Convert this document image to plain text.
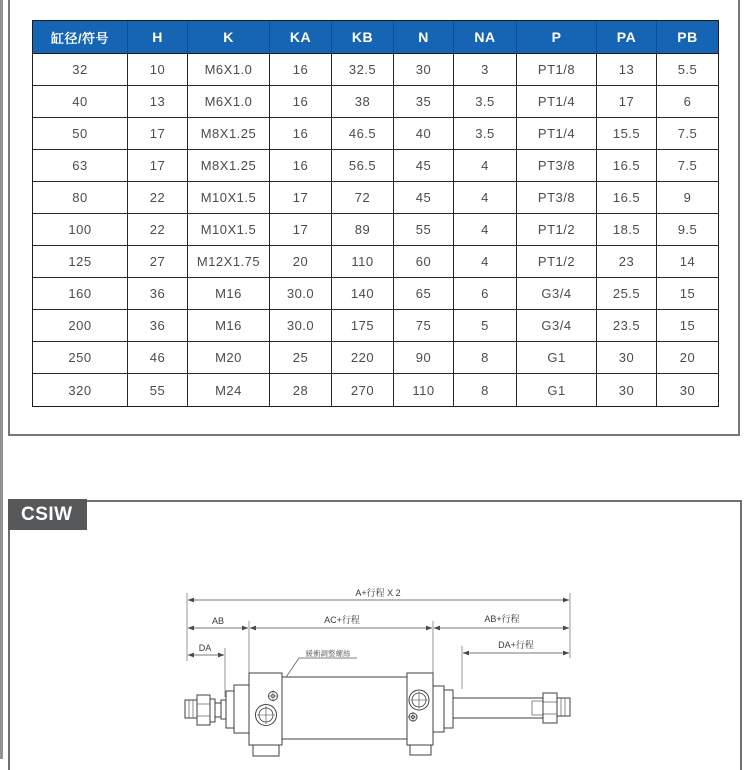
缸径/符号	H	K	KA	KB	N	NA	P	PA	PB
32	10	M6X1.0	16	32.5	30	3	PT1/8	13	5.5
40	13	M6X1.0	16	38	35	3.5	PT1/4	17	6
50	17	M8X1.25	16	46.5	40	3.5	PT1/4	15.5	7.5
63	17	M8X1.25	16	56.5	45	4	PT3/8	16.5	7.5
80	22	M10X1.5	17	72	45	4	PT3/8	16.5	9
100	22	M10X1.5	17	89	55	4	PT1/2	18.5	9.5
125	27	M12X1.75	20	110	60	4	PT1/2	23	14
160	36	M16	30.0	140	65	6	G3/4	25.5	15
200	36	M16	30.0	175	75	5	G3/4	23.5	15
250	46	M20	25	220	90	8	G1	30	20
320	55	M24	28	270	110	8	G1	30	30
CSIW
A+行程 X 2
AB	AC+行程	AB+行程
DA	DA+行程
緩衝調整螺絲
